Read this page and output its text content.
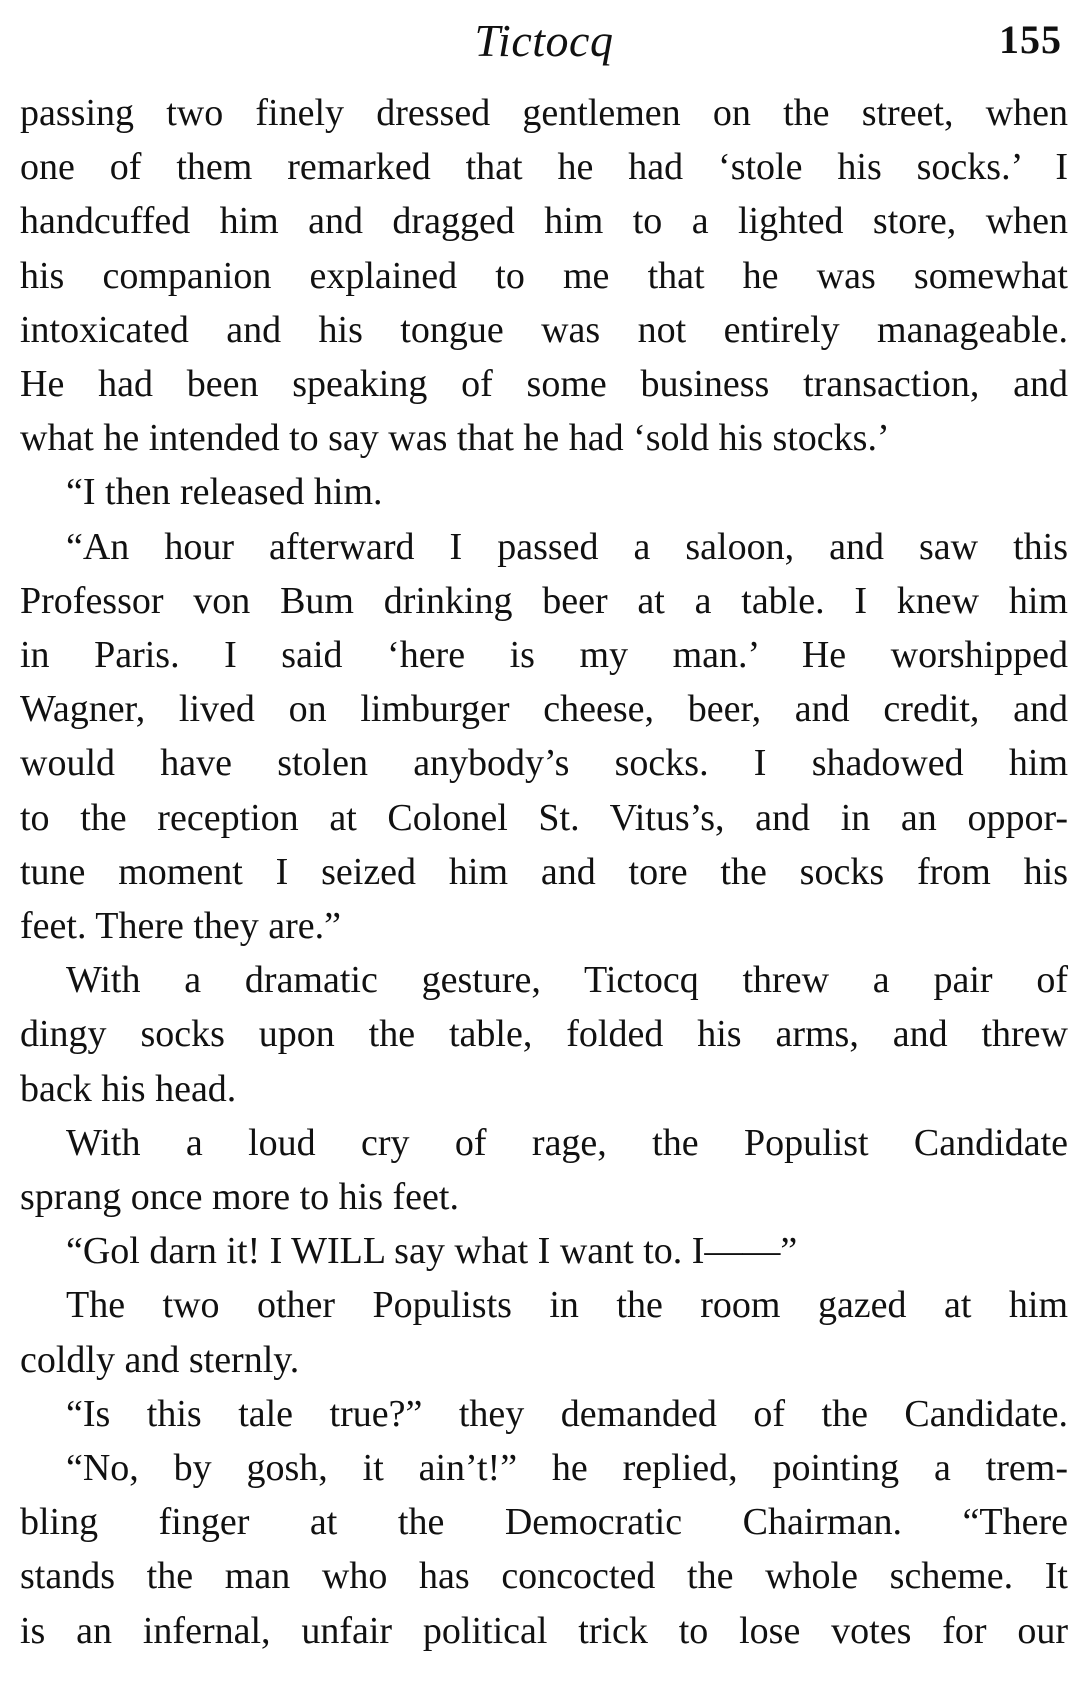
Tictocq	155
passing two finely dressed gentlemen on the street, when
one of them remarked that he had ‘stole his socks.’ I
handcuffed him and dragged him to a lighted store, when
his companion explained to me that he was somewhat
intoxicated and his tongue was not entirely manageable.
He had been speaking of some business transaction, and
what he intended to say was that he had ‘sold his stocks.’
“I then released him.
“An hour afterward I passed a saloon, and saw this
Professor von Bum drinking beer at a table. I knew him
in Paris. I said ‘here is my man.’ He worshipped
Wagner, lived on limburger cheese, beer, and credit, and
would have stolen anybody’s socks. I shadowed him
to the reception at Colonel St. Vitus’s, and in an oppor-
tune moment I seized him and tore the socks from his
feet. There they are.”
With a dramatic gesture, Tictocq threw a pair of
dingy socks upon the table, folded his arms, and threw
back his head.
With a loud cry of rage, the Populist Candidate
sprang once more to his feet.
“Gol darn it! I WILL say what I want to. I——”
The two other Populists in the room gazed at him
coldly and sternly.
“Is this tale true?” they demanded of the Candidate.
“No, by gosh, it ain’t!” he replied, pointing a trem-
bling finger at the Democratic Chairman. “There
stands the man who has concocted the whole scheme. It
is an infernal, unfair political trick to lose votes for our
